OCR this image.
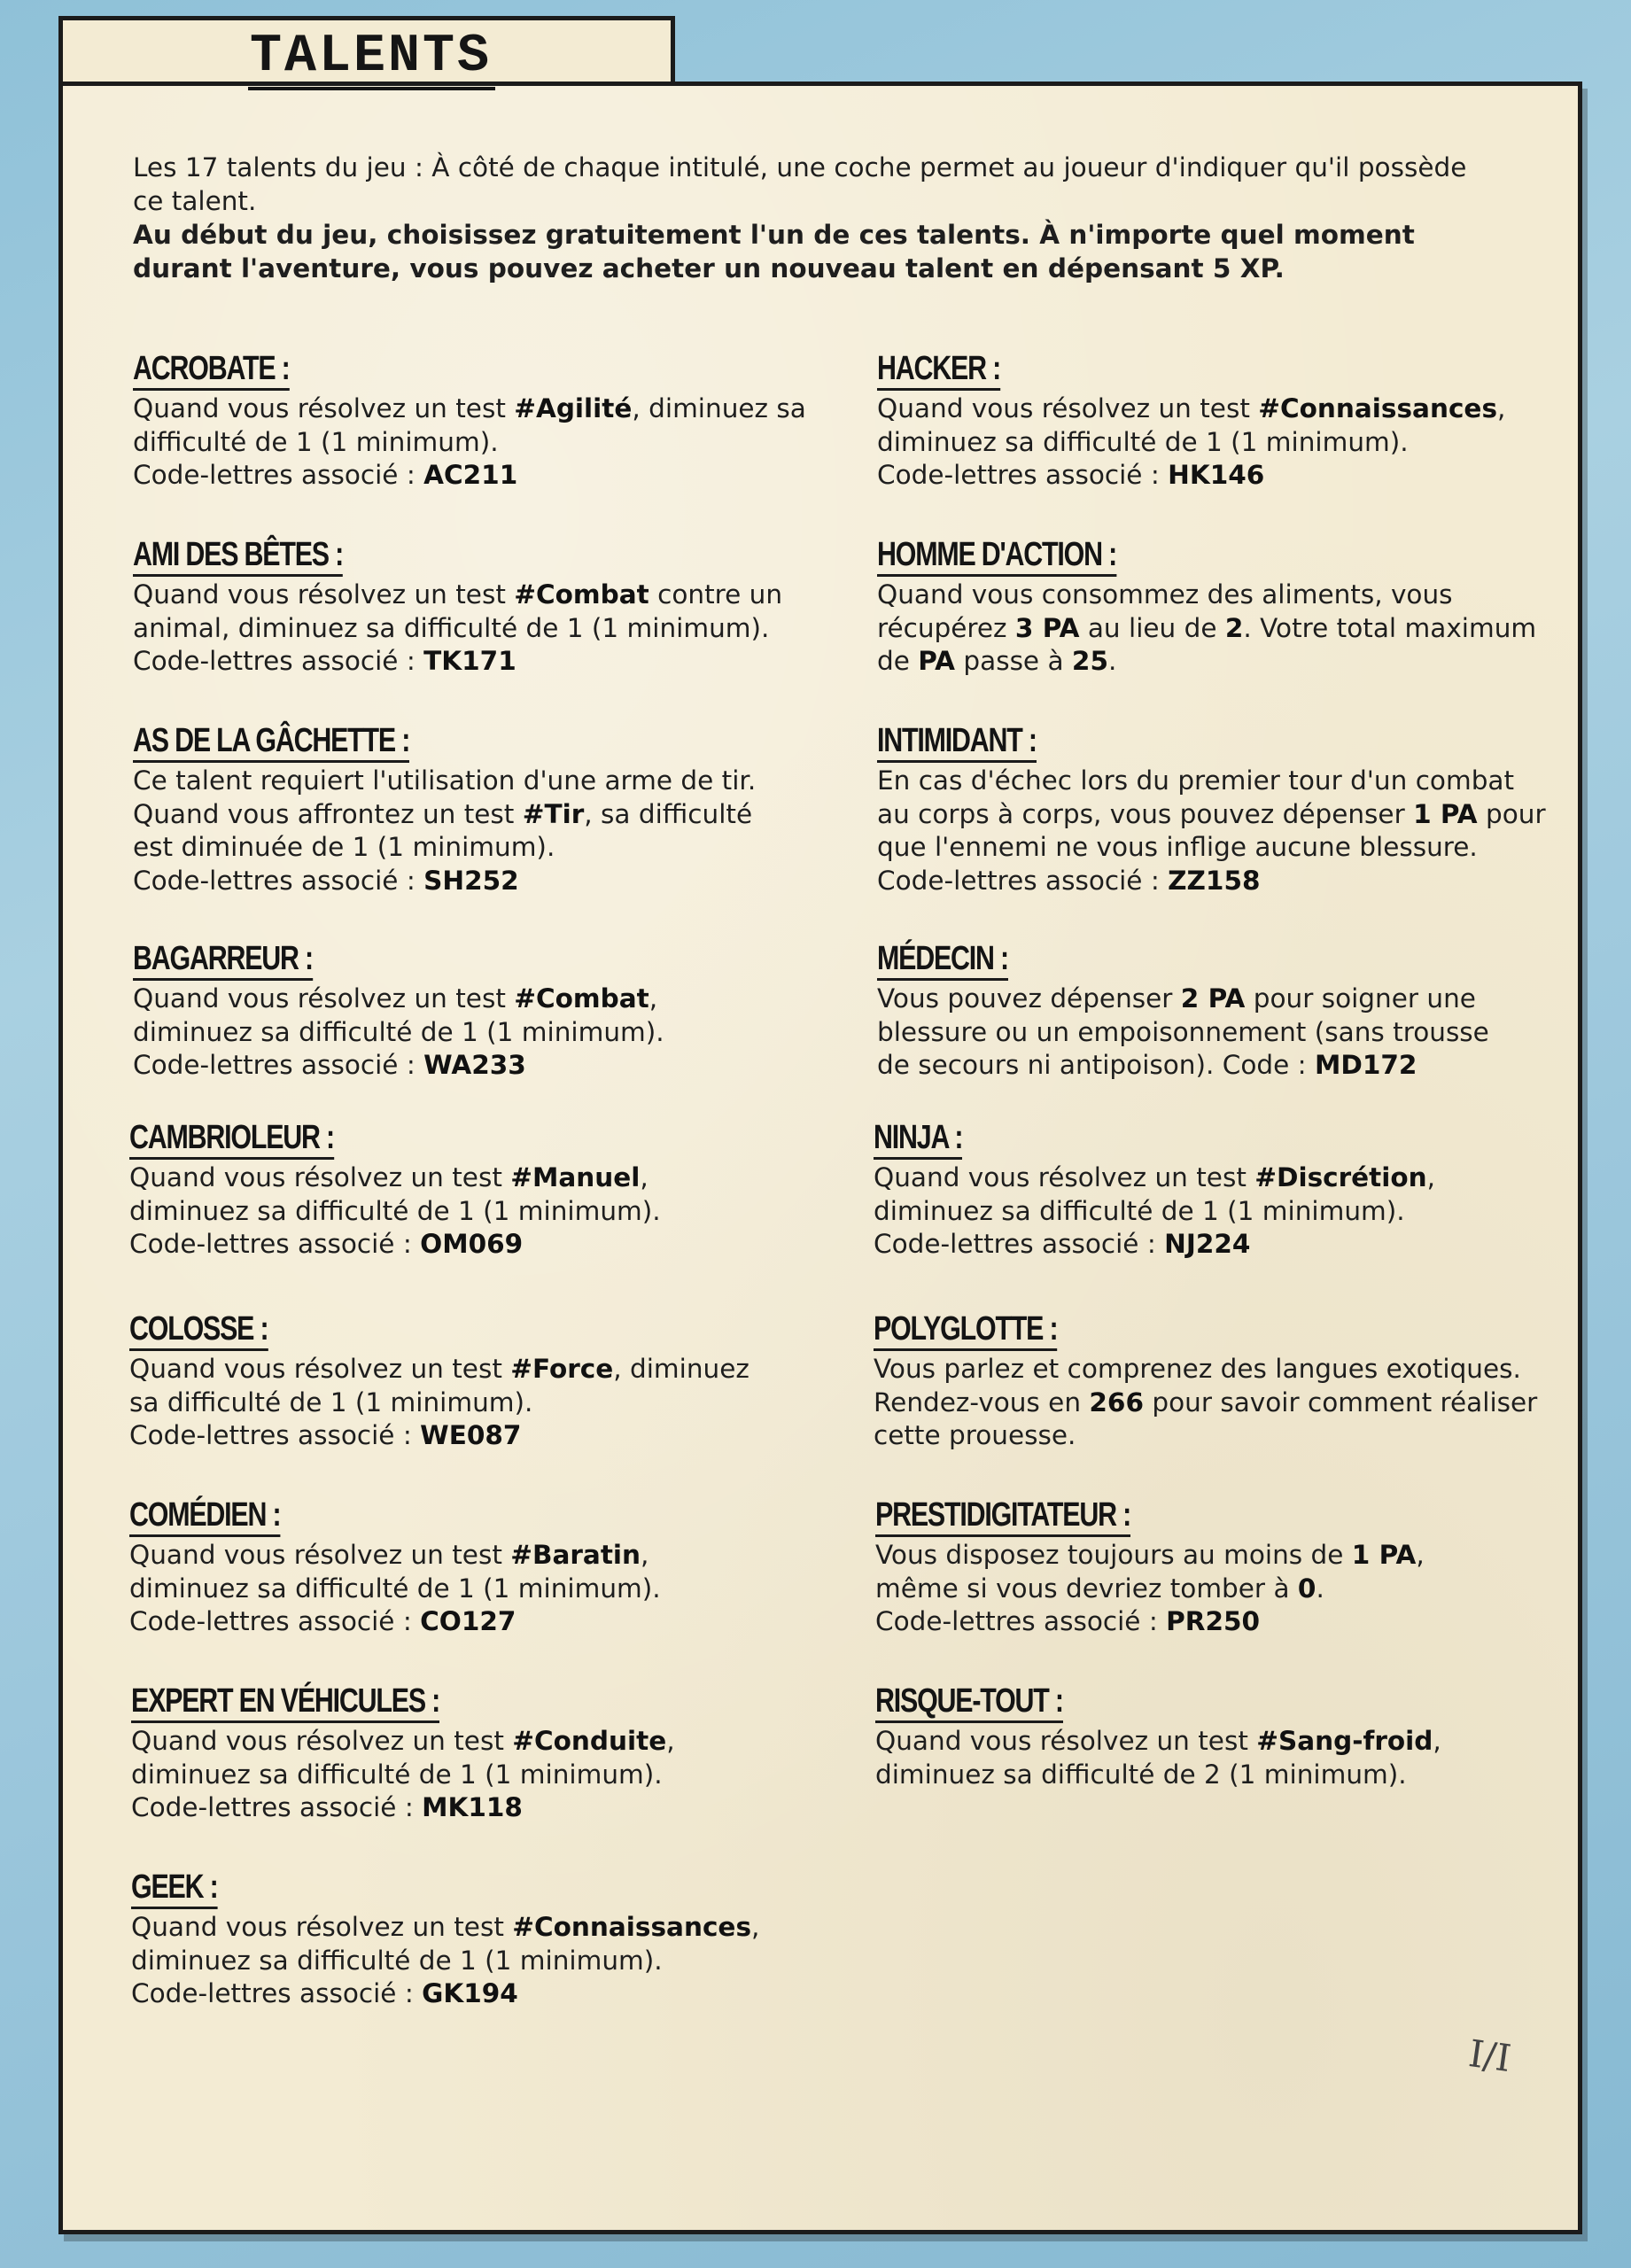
TALENTS

Les 17 talents du jeu : À côté de chaque intitulé, une coche permet au joueur d'indiquer qu'il possède ce talent.

Au début du jeu, choisissez gratuitement l'un de ces talents. À n'importe quel moment durant l'aventure, vous pouvez acheter un nouveau talent en dépensant 5 XP.

ACROBATE :
Quand vous résolvez un test #Agilité, diminuez sa difficulté de 1 (1 minimum).
Code-lettres associé : AC211
AMI DES BÊTES :
Quand vous résolvez un test #Combat contre un animal, diminuez sa difficulté de 1 (1 minimum).
Code-lettres associé : TK171
AS DE LA GÂCHETTE :
Ce talent requiert l'utilisation d'une arme de tir. Quand vous affrontez un test #Tir, sa difficulté est diminuée de 1 (1 minimum).
Code-lettres associé : SH252
BAGARREUR :
Quand vous résolvez un test #Combat, diminuez sa difficulté de 1 (1 minimum).
Code-lettres associé : WA233
CAMBRIOLEUR :
Quand vous résolvez un test #Manuel, diminuez sa difficulté de 1 (1 minimum).
Code-lettres associé : OM069
COLOSSE :
Quand vous résolvez un test #Force, diminuez sa difficulté de 1 (1 minimum).
Code-lettres associé : WE087
COMÉDIEN :
Quand vous résolvez un test #Baratin, diminuez sa difficulté de 1 (1 minimum).
Code-lettres associé : CO127
EXPERT EN VÉHICULES :
Quand vous résolvez un test #Conduite, diminuez sa difficulté de 1 (1 minimum).
Code-lettres associé : MK118
GEEK :
Quand vous résolvez un test #Connaissances, diminuez sa difficulté de 1 (1 minimum).
Code-lettres associé : GK194
HACKER :
Quand vous résolvez un test #Connaissances, diminuez sa difficulté de 1 (1 minimum).
Code-lettres associé : HK146
HOMME D'ACTION :
Quand vous consommez des aliments, vous récupérez 3 PA au lieu de 2. Votre total maximum de PA passe à 25.
INTIMIDANT :
En cas d'échec lors du premier tour d'un combat au corps à corps, vous pouvez dépenser 1 PA pour que l'ennemi ne vous inflige aucune blessure.
Code-lettres associé : ZZ158
MÉDECIN :
Vous pouvez dépenser 2 PA pour soigner une blessure ou un empoisonnement (sans trousse de secours ni antipoison). Code : MD172
NINJA :
Quand vous résolvez un test #Discrétion, diminuez sa difficulté de 1 (1 minimum).
Code-lettres associé : NJ224
POLYGLOTTE :
Vous parlez et comprenez des langues exotiques. Rendez-vous en 266 pour savoir comment réaliser cette prouesse.
PRESTIDIGITATEUR :
Vous disposez toujours au moins de 1 PA, même si vous devriez tomber à 0.
Code-lettres associé : PR250
RISQUE-TOUT :
Quand vous résolvez un test #Sang-froid, diminuez sa difficulté de 2 (1 minimum).
I/I
